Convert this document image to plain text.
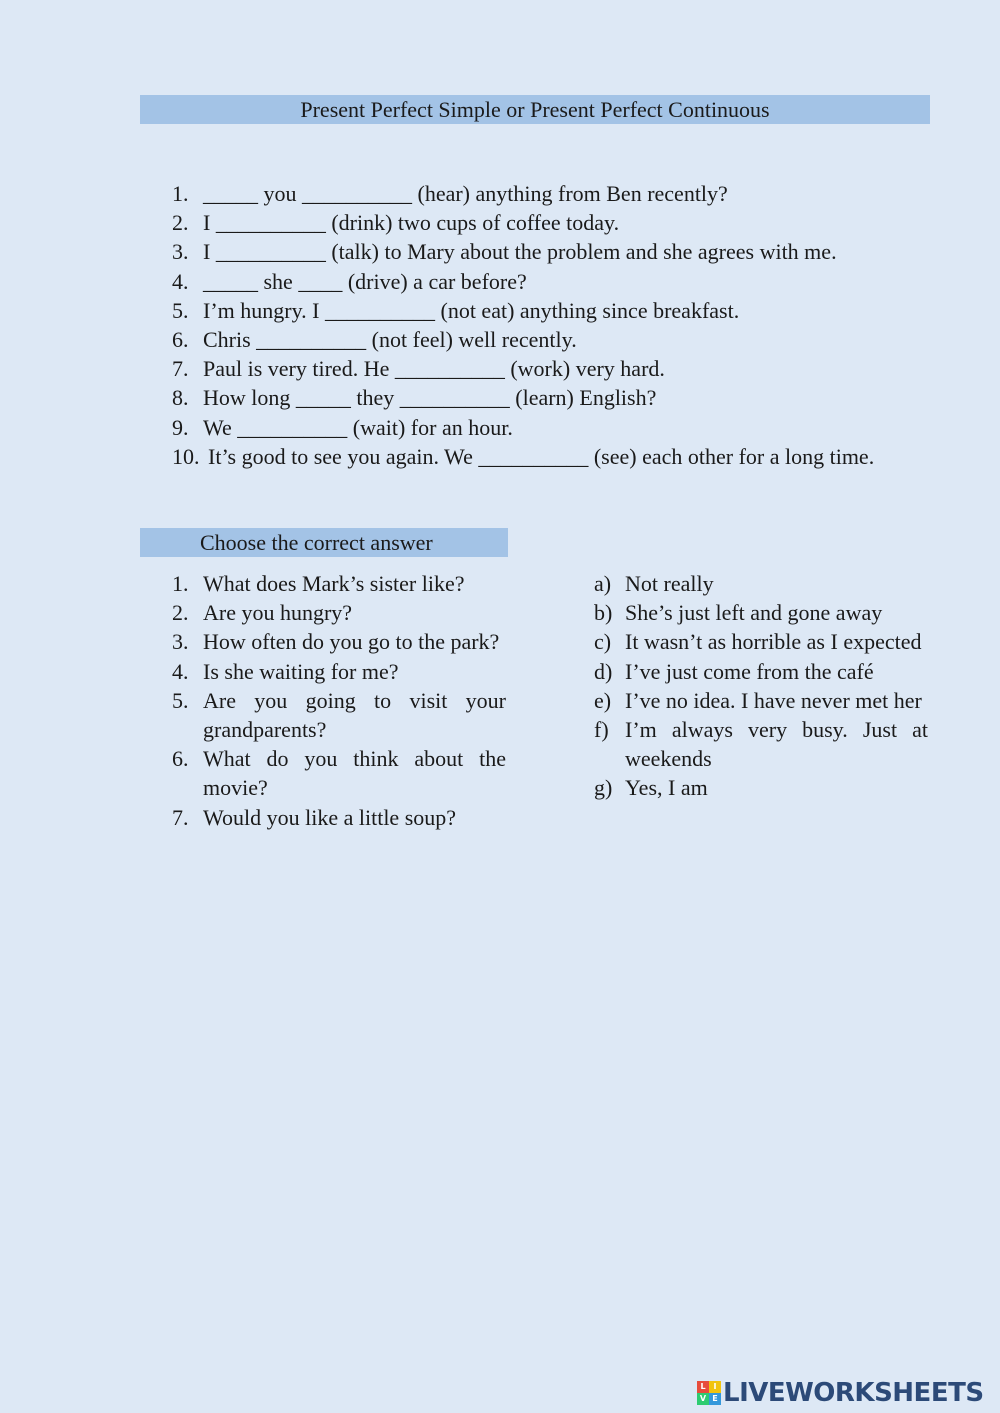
Present Perfect Simple or Present Perfect Continuous
1. _____ you __________ (hear) anything from Ben recently?
2. I __________ (drink) two cups of coffee today.
3. I __________ (talk) to Mary about the problem and she agrees with me.
4. _____ she ____ (drive) a car before?
5. I’m hungry. I __________ (not eat) anything since breakfast.
6. Chris __________ (not feel) well recently.
7. Paul is very tired. He __________ (work) very hard.
8. How long _____ they __________ (learn) English?
9. We __________ (wait) for an hour.
10. It’s good to see you again. We __________ (see) each other for a long time.
Choose the correct answer
1. What does Mark’s sister like?
2. Are you hungry?
3. How often do you go to the park?
4. Is she waiting for me?
5. Are you going to visit your grandparents?
6. What do you think about the movie?
7. Would you like a little soup?
a) Not really
b) She’s just left and gone away
c) It wasn’t as horrible as I expected
d) I’ve just come from the café
e) I’ve no idea. I have never met her
f) I’m always very busy. Just at weekends
g) Yes, I am
L I
V E LIVEWORKSHEETS
